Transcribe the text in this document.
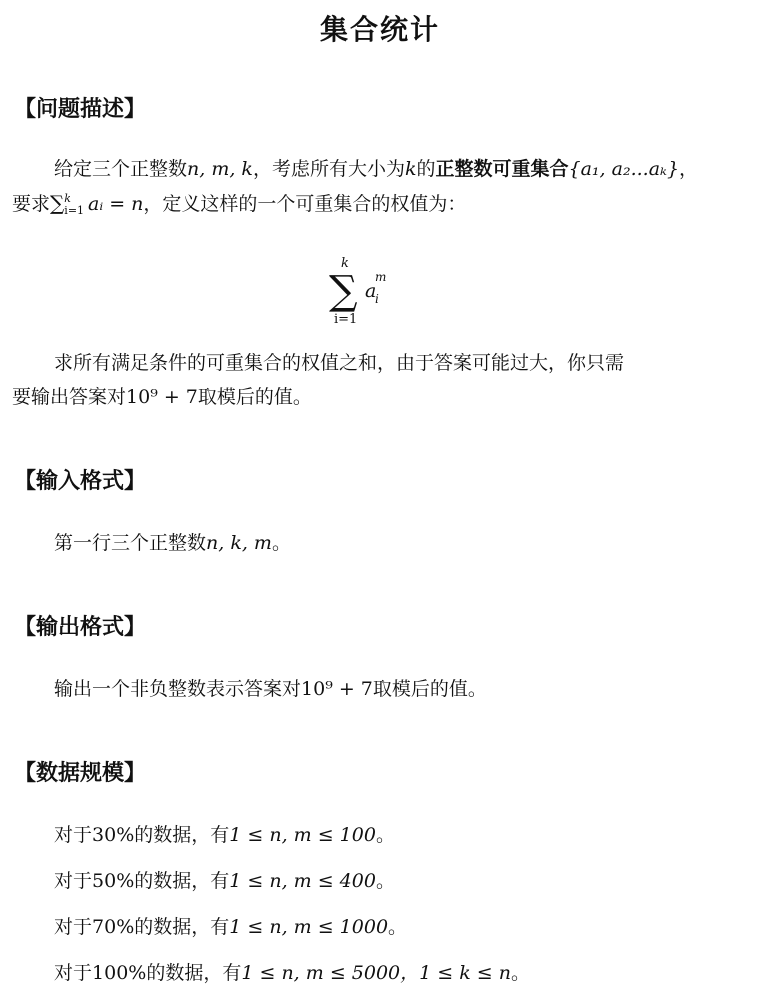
集合统计
【问题描述】
给定三个正整数n, m, k，考虑所有大小为k的正整数可重集合{a₁, a₂...aₖ}，
要求∑ k
i=1 aᵢ = n，定义这样的一个可重集合的权值为：
k
∑
i=1
a
m
i
求所有满足条件的可重集合的权值之和，由于答案可能过大，你只需
要输出答案对10⁹ + 7取模后的值。
【输入格式】
第一行三个正整数n, k, m。
【输出格式】
输出一个非负整数表示答案对10⁹ + 7取模后的值。
【数据规模】
对于30%的数据，有1 ≤ n, m ≤ 100。
对于50%的数据，有1 ≤ n, m ≤ 400。
对于70%的数据，有1 ≤ n, m ≤ 1000。
对于100%的数据，有1 ≤ n, m ≤ 5000，1 ≤ k ≤ n。
